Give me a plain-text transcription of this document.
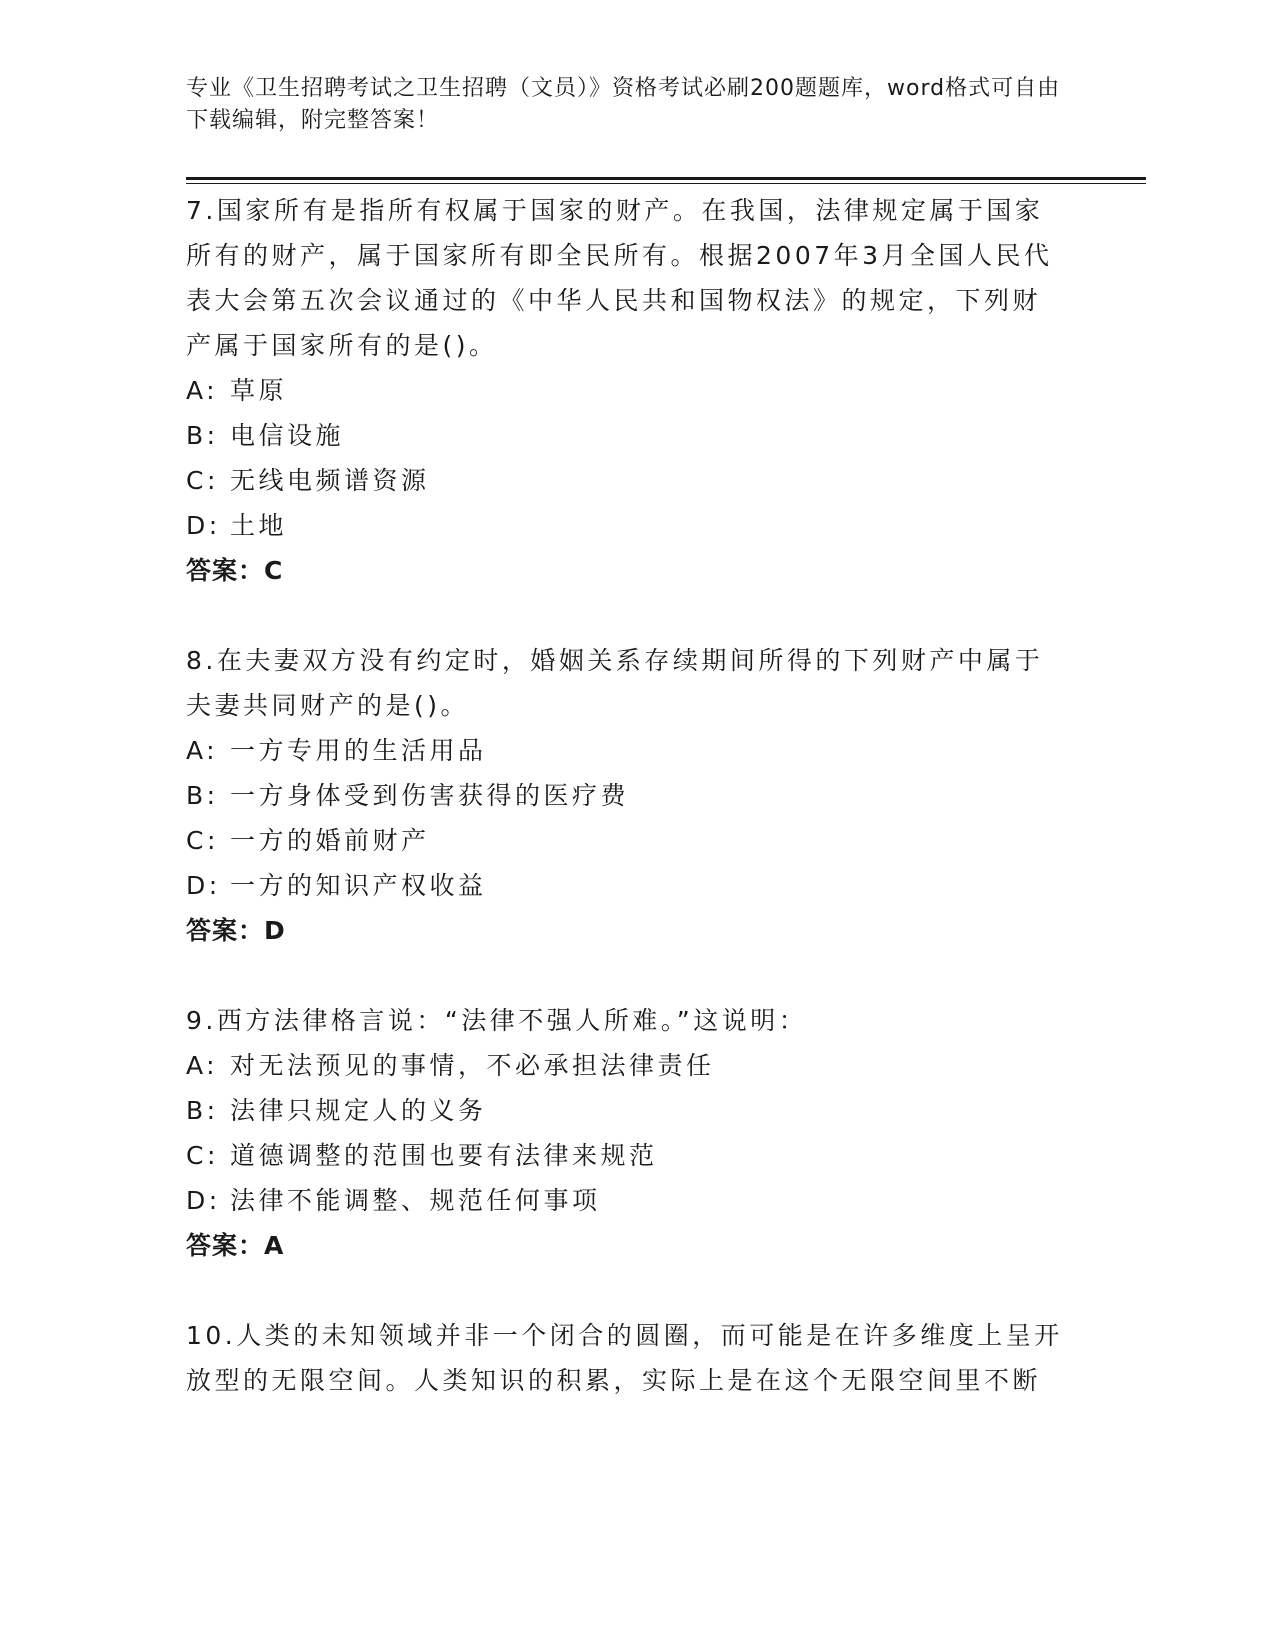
专业《卫生招聘考试之卫生招聘（文员）》资格考试必刷200题题库，word格式可自由下载编辑，附完整答案！
7.国家所有是指所有权属于国家的财产。在我国，法律规定属于国家所有的财产，属于国家所有即全民所有。根据2007年3月全国人民代表大会第五次会议通过的《中华人民共和国物权法》的规定，下列财产属于国家所有的是()。
A: 草原
B: 电信设施
C: 无线电频谱资源
D: 土地
答案：C
8.在夫妻双方没有约定时，婚姻关系存续期间所得的下列财产中属于夫妻共同财产的是()。
A: 一方专用的生活用品
B: 一方身体受到伤害获得的医疗费
C: 一方的婚前财产
D: 一方的知识产权收益
答案：D
9.西方法律格言说：“法律不强人所难。”这说明：
A: 对无法预见的事情，不必承担法律责任
B: 法律只规定人的义务
C: 道德调整的范围也要有法律来规范
D: 法律不能调整、规范任何事项
答案：A
10.人类的未知领域并非一个闭合的圆圈，而可能是在许多维度上呈开放型的无限空间。人类知识的积累，实际上是在这个无限空间里不断
